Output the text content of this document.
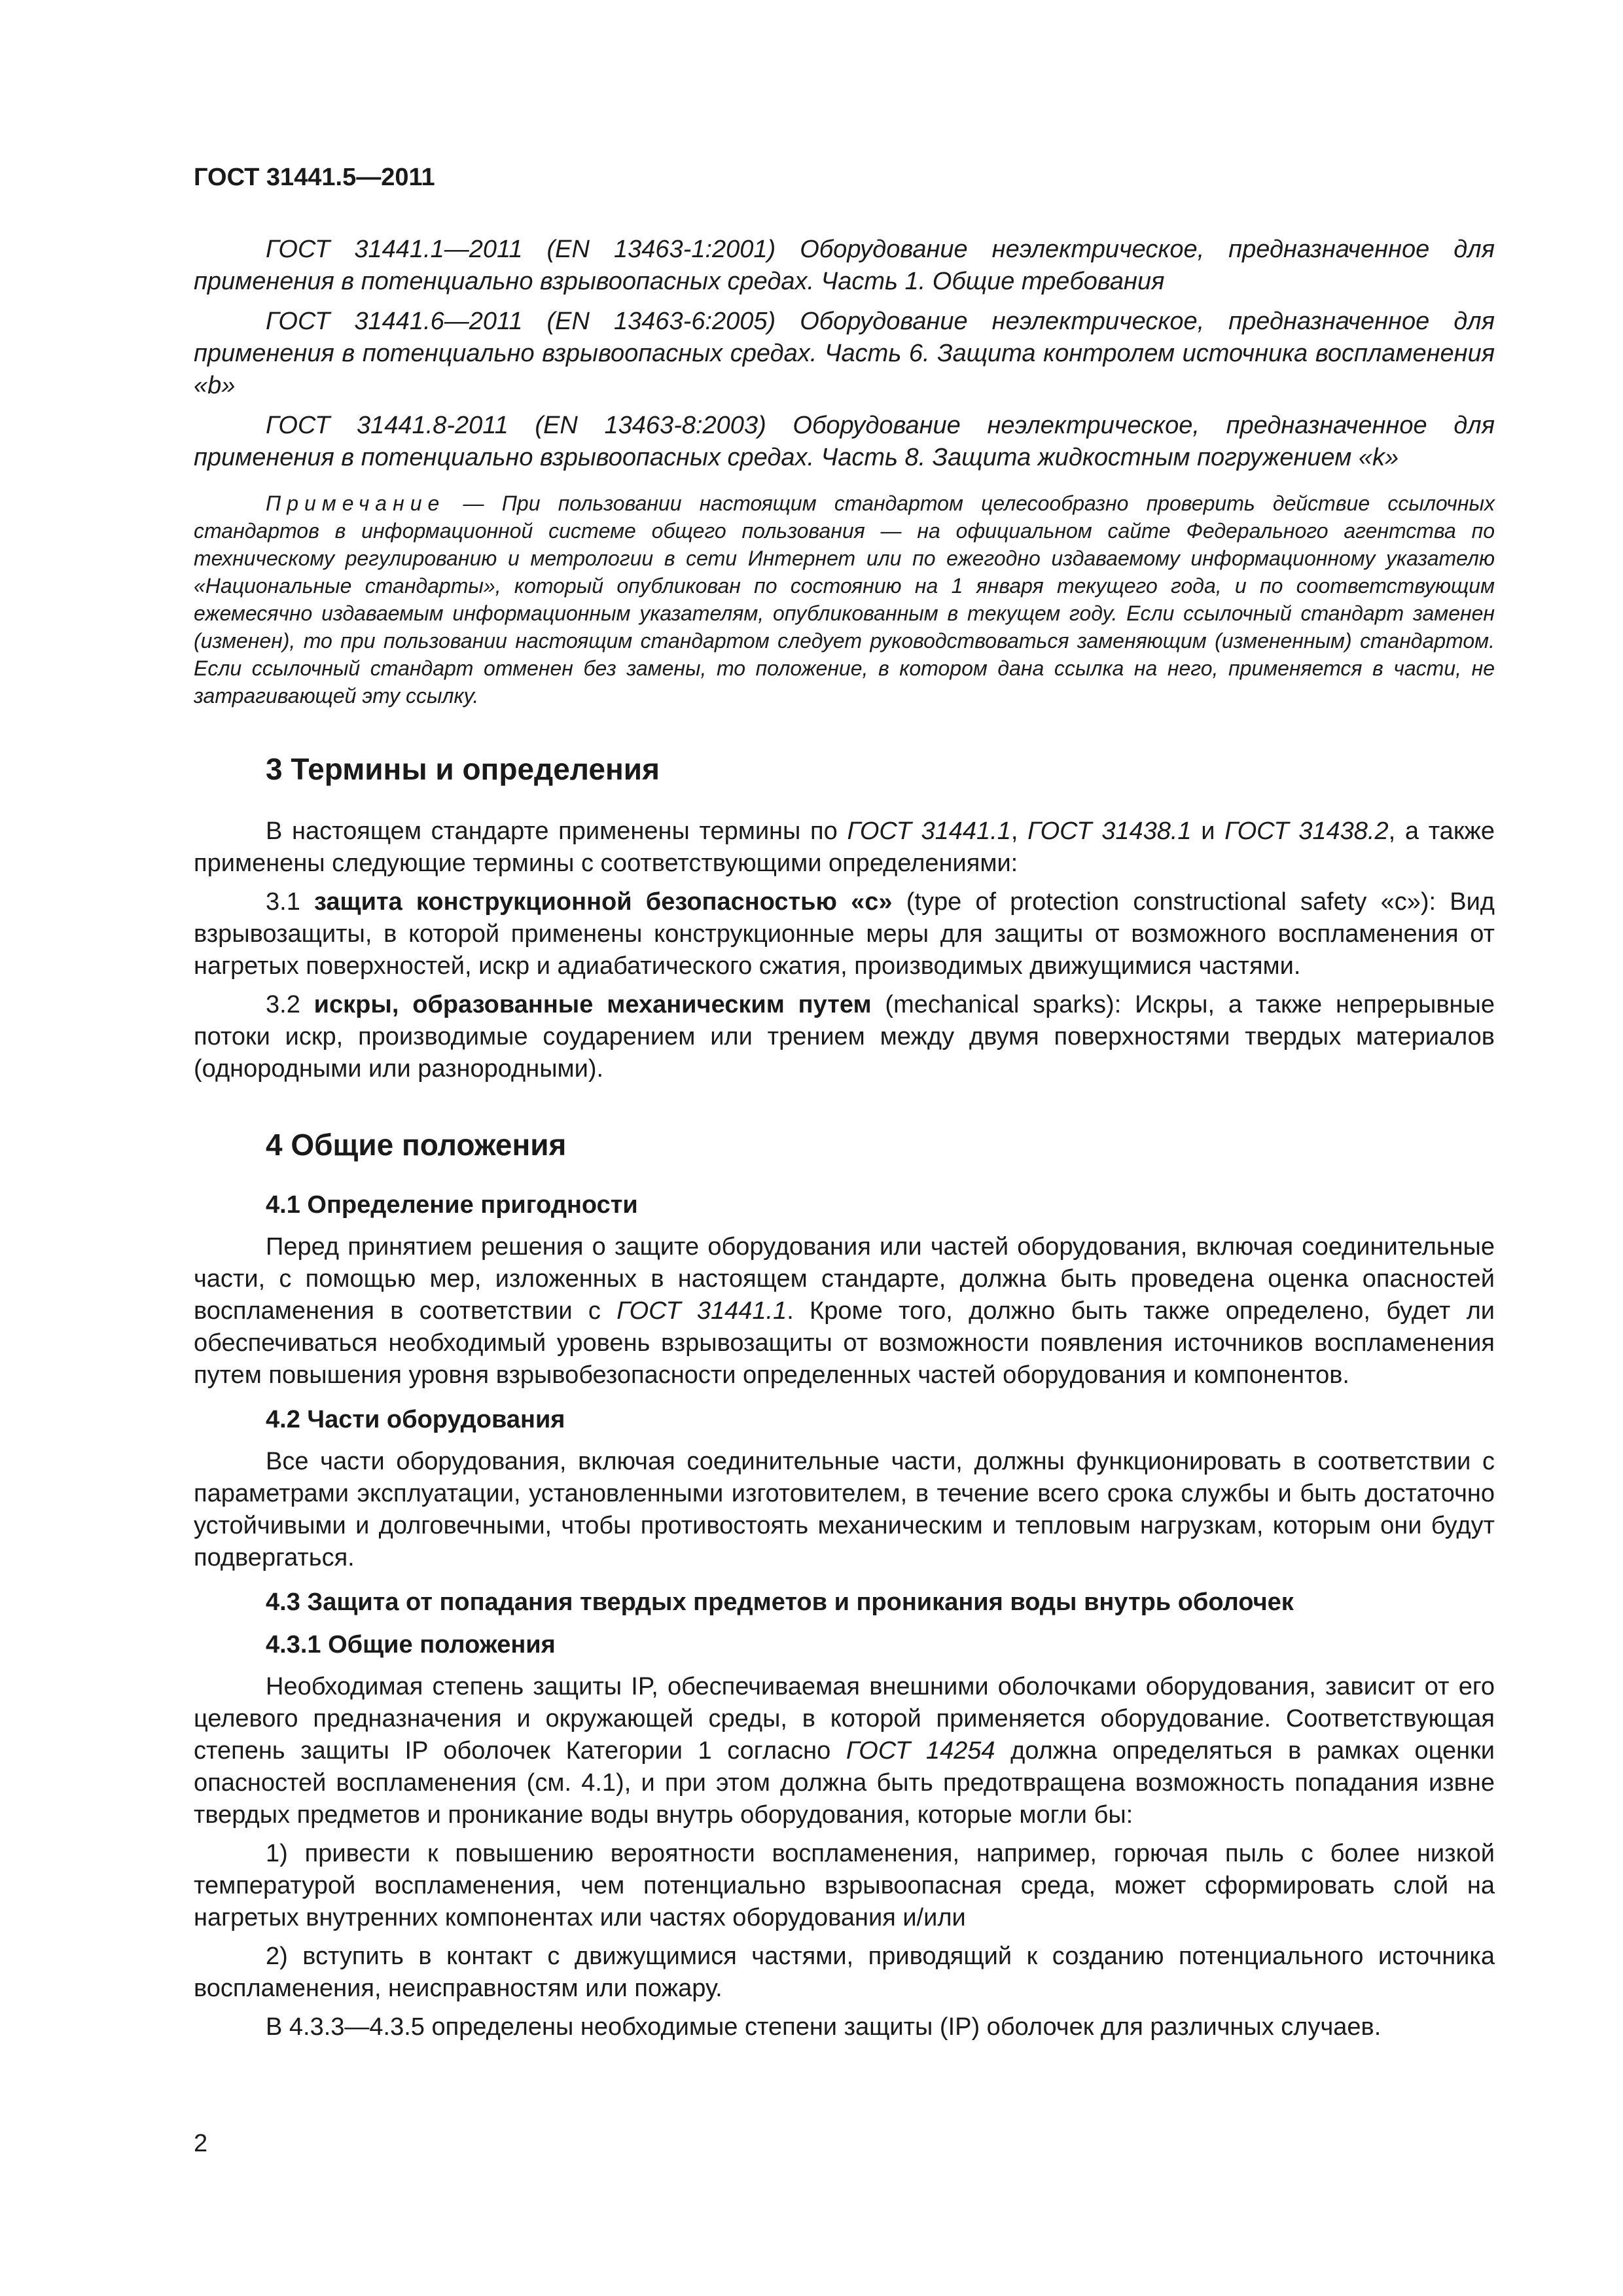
ГОСТ 31441.5—2011

ГОСТ 31441.1—2011 (EN 13463-1:2001) Оборудование неэлектрическое, предназначенное для применения в потенциально взрывоопасных средах. Часть 1. Общие требования

ГОСТ 31441.6—2011 (EN 13463-6:2005) Оборудование неэлектрическое, предназначенное для применения в потенциально взрывоопасных средах. Часть 6. Защита контролем источника воспламенения «b»

ГОСТ 31441.8-2011 (EN 13463-8:2003) Оборудование неэлектрическое, предназначенное для применения в потенциально взрывоопасных средах. Часть 8. Защита жидкостным погружением «k»

Примечание — При пользовании настоящим стандартом целесообразно проверить действие ссылочных стандартов в информационной системе общего пользования — на официальном сайте Федерального агентства по техническому регулированию и метрологии в сети Интернет или по ежегодно издаваемому информационному указателю «Национальные стандарты», который опубликован по состоянию на 1 января текущего года, и по соответствующим ежемесячно издаваемым информационным указателям, опубликованным в текущем году. Если ссылочный стандарт заменен (изменен), то при пользовании настоящим стандартом следует руководствоваться заменяющим (измененным) стандартом. Если ссылочный стандарт отменен без замены, то положение, в котором дана ссылка на него, применяется в части, не затрагивающей эту ссылку.
3 Термины и определения

В настоящем стандарте применены термины по ГОСТ 31441.1, ГОСТ 31438.1 и ГОСТ 31438.2, а также применены следующие термины с соответствующими определениями:

3.1 защита конструкционной безопасностью «с» (type of protection constructional safety «с»): Вид взрывозащиты, в которой применены конструкционные меры для защиты от возможного воспламенения от нагретых поверхностей, искр и адиабатического сжатия, производимых движущимися частями.

3.2 искры, образованные механическим путем (mechanical sparks): Искры, а также непрерывные потоки искр, производимые соударением или трением между двумя поверхностями твердых материалов (однородными или разнородными).

4 Общие положения
4.1 Определение пригодности

Перед принятием решения о защите оборудования или частей оборудования, включая соединительные части, с помощью мер, изложенных в настоящем стандарте, должна быть проведена оценка опасностей воспламенения в соответствии с ГОСТ 31441.1. Кроме того, должно быть также определено, будет ли обеспечиваться необходимый уровень взрывозащиты от возможности появления источников воспламенения путем повышения уровня взрывобезопасности определенных частей оборудования и компонентов.

4.2 Части оборудования

Все части оборудования, включая соединительные части, должны функционировать в соответствии с параметрами эксплуатации, установленными изготовителем, в течение всего срока службы и быть достаточно устойчивыми и долговечными, чтобы противостоять механическим и тепловым нагрузкам, которым они будут подвергаться.

4.3 Защита от попадания твердых предметов и проникания воды внутрь оболочек
4.3.1 Общие положения

Необходимая степень защиты IP, обеспечиваемая внешними оболочками оборудования, зависит от его целевого предназначения и окружающей среды, в которой применяется оборудование. Соответствующая степень защиты IP оболочек Категории 1 согласно ГОСТ 14254 должна определяться в рамках оценки опасностей воспламенения (см. 4.1), и при этом должна быть предотвращена возможность попадания извне твердых предметов и проникание воды внутрь оборудования, которые могли бы:

1) привести к повышению вероятности воспламенения, например, горючая пыль с более низкой температурой воспламенения, чем потенциально взрывоопасная среда, может сформировать слой на нагретых внутренних компонентах или частях оборудования и/или

2) вступить в контакт с движущимися частями, приводящий к созданию потенциального источника воспламенения, неисправностям или пожару.

В 4.3.3—4.3.5 определены необходимые степени защиты (IP) оболочек для различных случаев.

2
